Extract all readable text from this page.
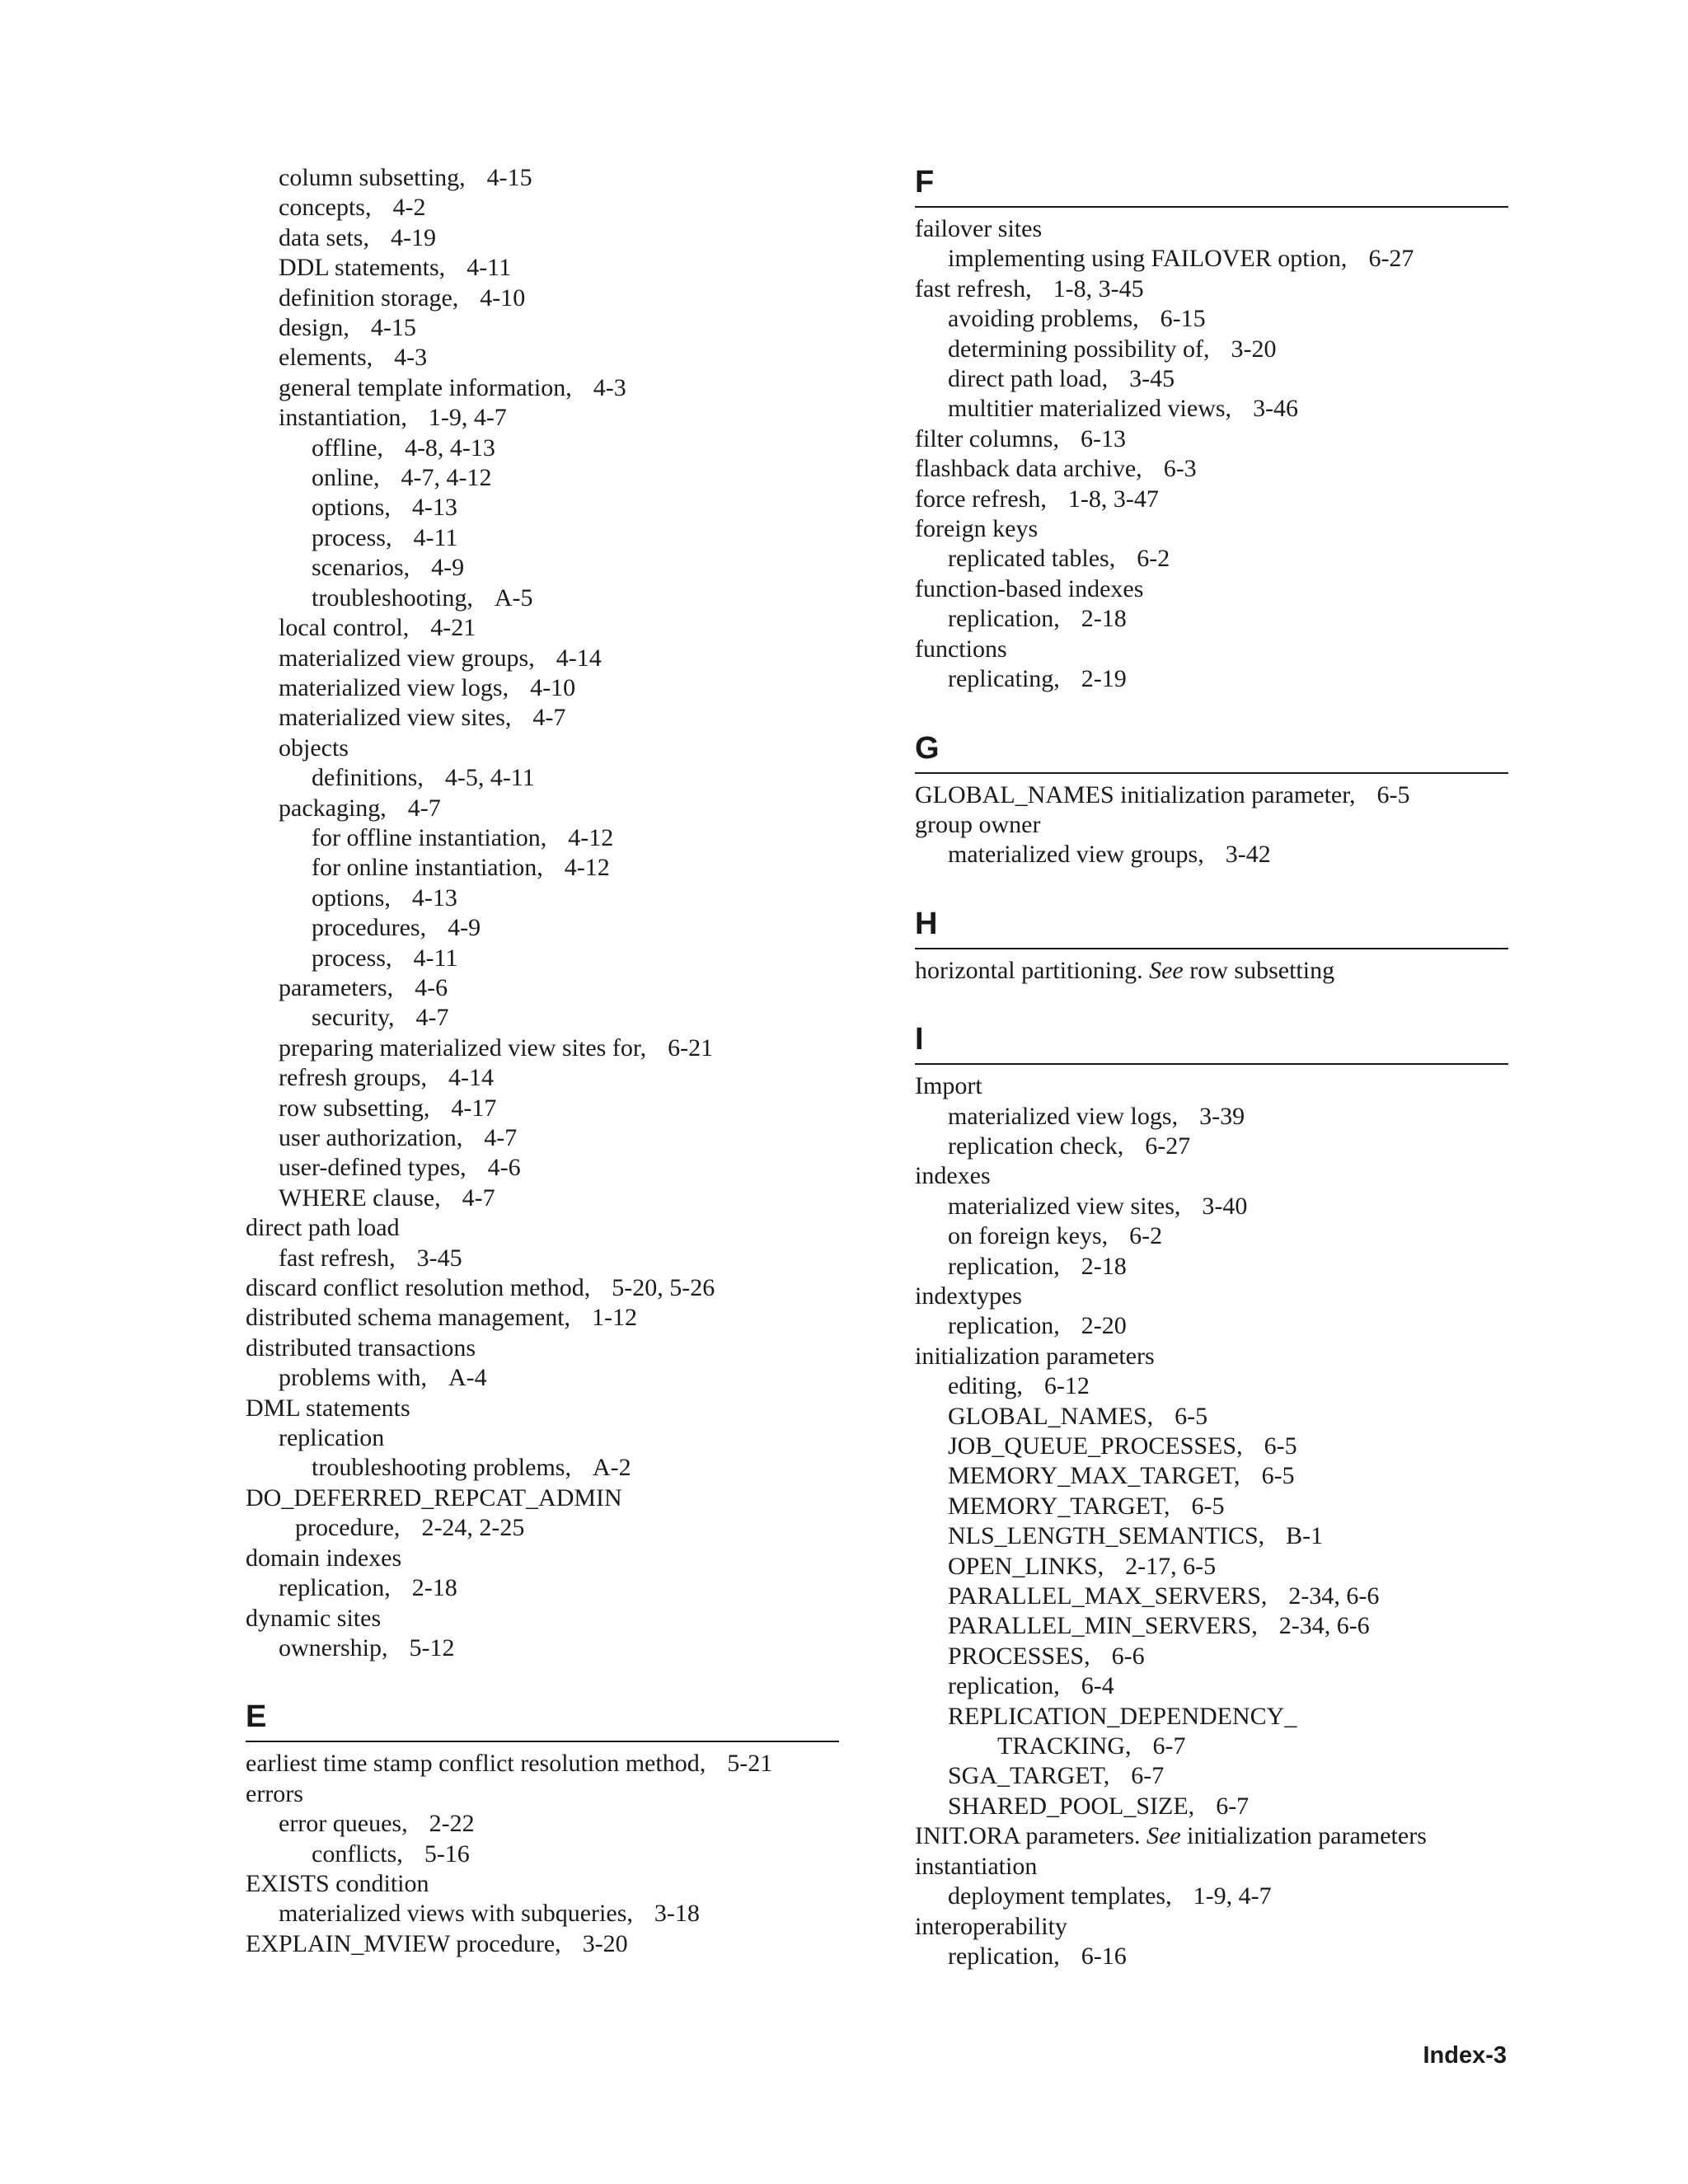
column subsetting, 4-15
concepts, 4-2
data sets, 4-19
DDL statements, 4-11
definition storage, 4-10
design, 4-15
elements, 4-3
general template information, 4-3
instantiation, 1-9, 4-7
offline, 4-8, 4-13
online, 4-7, 4-12
options, 4-13
process, 4-11
scenarios, 4-9
troubleshooting, A-5
local control, 4-21
materialized view groups, 4-14
materialized view logs, 4-10
materialized view sites, 4-7
objects
definitions, 4-5, 4-11
packaging, 4-7
for offline instantiation, 4-12
for online instantiation, 4-12
options, 4-13
procedures, 4-9
process, 4-11
parameters, 4-6
security, 4-7
preparing materialized view sites for, 6-21
refresh groups, 4-14
row subsetting, 4-17
user authorization, 4-7
user-defined types, 4-6
WHERE clause, 4-7
direct path load
fast refresh, 3-45
discard conflict resolution method, 5-20, 5-26
distributed schema management, 1-12
distributed transactions
problems with, A-4
DML statements
replication
troubleshooting problems, A-2
DO_DEFERRED_REPCAT_ADMIN
procedure, 2-24, 2-25
domain indexes
replication, 2-18
dynamic sites
ownership, 5-12
E
earliest time stamp conflict resolution method, 5-21
errors
error queues, 2-22
conflicts, 5-16
EXISTS condition
materialized views with subqueries, 3-18
EXPLAIN_MVIEW procedure, 3-20
F
failover sites
implementing using FAILOVER option, 6-27
fast refresh, 1-8, 3-45
avoiding problems, 6-15
determining possibility of, 3-20
direct path load, 3-45
multitier materialized views, 3-46
filter columns, 6-13
flashback data archive, 6-3
force refresh, 1-8, 3-47
foreign keys
replicated tables, 6-2
function-based indexes
replication, 2-18
functions
replicating, 2-19
G
GLOBAL_NAMES initialization parameter, 6-5
group owner
materialized view groups, 3-42
H
horizontal partitioning. See row subsetting
I
Import
materialized view logs, 3-39
replication check, 6-27
indexes
materialized view sites, 3-40
on foreign keys, 6-2
replication, 2-18
indextypes
replication, 2-20
initialization parameters
editing, 6-12
GLOBAL_NAMES, 6-5
JOB_QUEUE_PROCESSES, 6-5
MEMORY_MAX_TARGET, 6-5
MEMORY_TARGET, 6-5
NLS_LENGTH_SEMANTICS, B-1
OPEN_LINKS, 2-17, 6-5
PARALLEL_MAX_SERVERS, 2-34, 6-6
PARALLEL_MIN_SERVERS, 2-34, 6-6
PROCESSES, 6-6
replication, 6-4
REPLICATION_DEPENDENCY_
TRACKING, 6-7
SGA_TARGET, 6-7
SHARED_POOL_SIZE, 6-7
INIT.ORA parameters. See initialization parameters
instantiation
deployment templates, 1-9, 4-7
interoperability
replication, 6-16
Index-3
